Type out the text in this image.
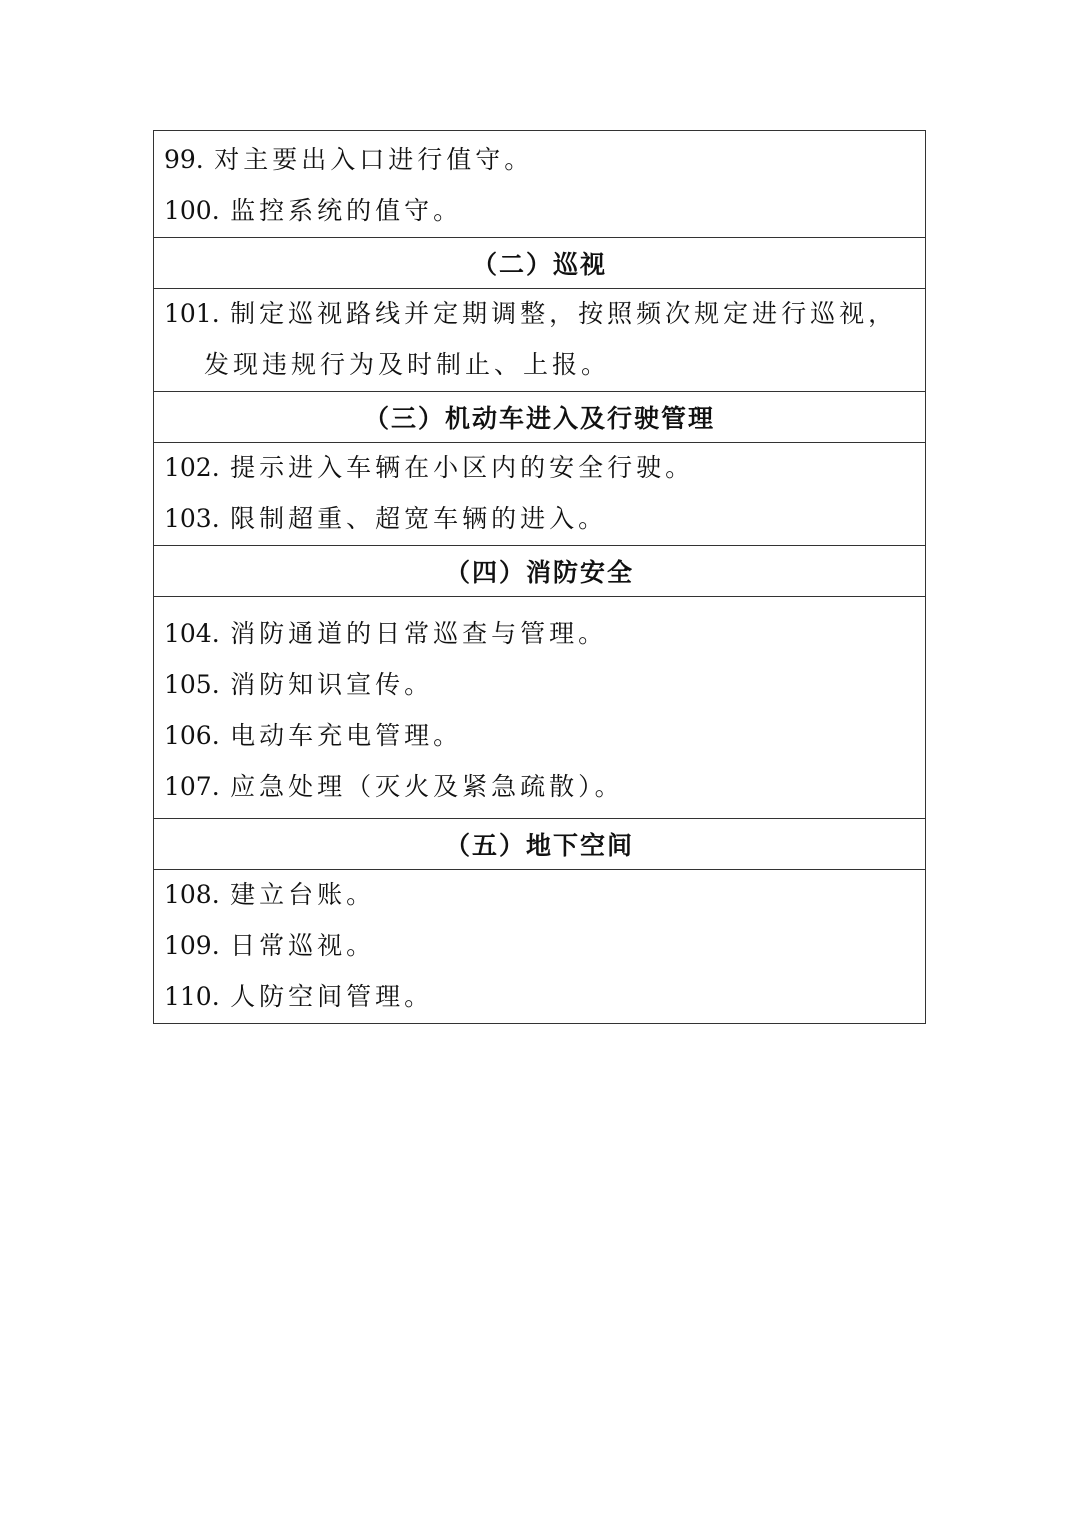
99. 对主要出入口进行值守。
100. 监控系统的值守。
（二）巡视
101. 制定巡视路线并定期调整，按照频次规定进行巡视，
发现违规行为及时制止、上报。
（三）机动车进入及行驶管理
102. 提示进入车辆在小区内的安全行驶。
103. 限制超重、超宽车辆的进入。
（四）消防安全
104. 消防通道的日常巡查与管理。
105. 消防知识宣传。
106. 电动车充电管理。
107. 应急处理（灭火及紧急疏散）。
（五）地下空间
108. 建立台账。
109. 日常巡视。
110. 人防空间管理。
